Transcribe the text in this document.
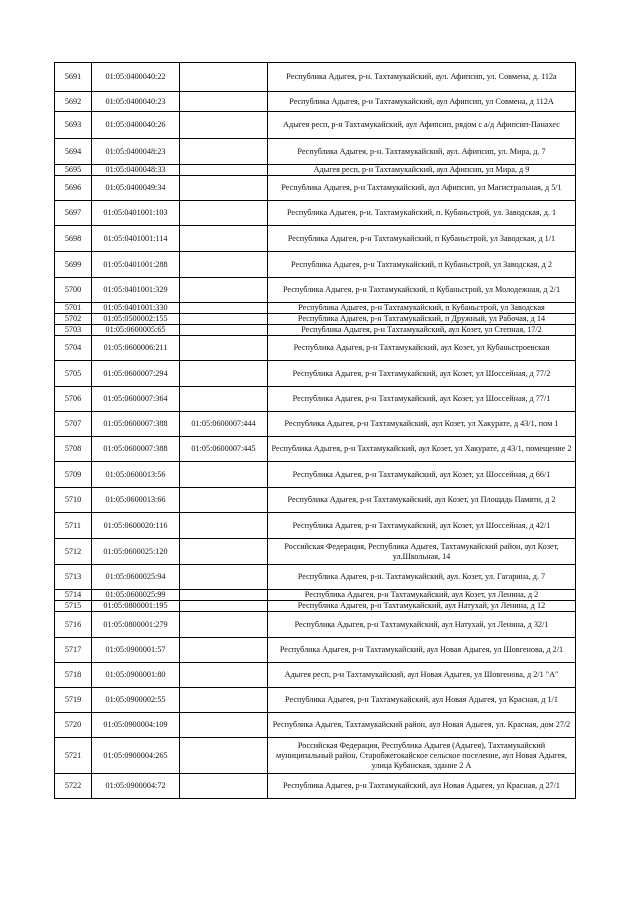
5691	01:05:0400040:22		Республика Адыгея, р-н. Тахтамукайский, аул. Афипсип, ул. Совмена, д. 112а
5692	01:05:0400040:23		Республика Адыгея, р-н Тахтамукайский, аул Афипсип, ул Совмена, д 112А
5693	01:05:0400040:26		Адыгея респ, р-н Тахтамукайский, аул Афипсип, рядом с а/д Афипсип-Панахес
5694	01:05:0400048:23		Республика Адыгея, р-н. Тахтамукайский, аул. Афипсип, ул. Мира, д. 7
5695	01:05:0400048:33		Адыгея респ, р-н Тахтамукайский, аул Афипсип, ул Мира, д 9
5696	01:05:0400049:34		Республика Адыгея, р-н Тахтамукайский, аул Афипсип, ул Магистральная, д 5/1
5697	01:05:0401001:103		Республика Адыгея, р-н. Тахтамукайский, п. Кубаньстрой, ул. Заводская, д. 1
5698	01:05:0401001:114		Республика Адыгея, р-н Тахтамукайский, п Кубаньстрой, ул Заводская, д 1/1
5699	01:05:0401001:288		Республика Адыгея, р-н Тахтамукайский, п Кубаньстрой, ул Заводская, д 2
5700	01:05:0401001:329		Республика Адыгея, р-н Тахтамукайский, п Кубаньстрой, ул Молодежная, д 2/1
5701	01:05:0401001:330		Республика Адыгея, р-н Тахтамукайский, п Кубаньстрой, ул Заводская
5702	01:05:0500002:155		Республика Адыгея, р-н Тахтамукайский, п Дружный, ул Рабочая, д 14
5703	01:05:0600005:65		Республика Адыгея, р-н Тахтамукайский, аул Козет, ул Степная, 17/2
5704	01:05:0600006:211		Республика Адыгея, р-н Тахтамукайский, аул Козет, ул Кубаньстроевская
5705	01:05:0600007:294		Республика Адыгея, р-н Тахтамукайский, аул Козет, ул Шоссейная, д 77/2
5706	01:05:0600007:364		Республика Адыгея, р-н Тахтамукайский, аул Козет, ул Шоссейная, д 77/1
5707	01:05:0600007:388	01:05:0600007:444	Республика Адыгея, р-н Тахтамукайский, аул Козет, ул Хакурате, д 43/1, пом 1
5708	01:05:0600007:388	01:05:0600007:445	Республика Адыгея, р-н Тахтамукайский, аул Козет, ул Хакурате, д 43/1, помещение 2
5709	01:05:0600013:56		Республика Адыгея, р-н Тахтамукайский, аул Козет, ул Шоссейная, д 66/1
5710	01:05:0600013:66		Республика Адыгея, р-н Тахтамукайский, аул Козет, ул Площадь Памяти, д 2
5711	01:05:0600020:116		Республика Адыгея, р-н Тахтамукайский, аул Козет, ул Шоссейная, д 42/1
5712	01:05:0600025:120		Российская Федерация, Республика Адыгея, Тахтамукайский район, аул Козет, ул.Школьная, 14
5713	01:05:0600025:94		Республика Адыгея, р-н. Тахтамукайский, аул. Козет, ул. Гагарина, д. 7
5714	01:05:0600025:99		Республика Адыгея, р-н Тахтамукайский, аул Козет, ул Ленина, д 2
5715	01:05:0800001:195		Республика Адыгея, р-н Тахтамукайский, аул Натухай, ул Ленина, д 12
5716	01:05:0800001:279		Республика Адыгея, р-н Тахтамукайский, аул Натухай, ул Ленина, д 32/1
5717	01:05:0900001:57		Республика Адыгея, р-н Тахтамукайский, аул Новая Адыгея, ул Шовгенова, д 2/1
5718	01:05:0900001:80		Адыгея респ, р-н Тахтамукайский, аул Новая Адыгея, ул Шовгенова, д 2/1 "А"
5719	01:05:0900002:55		Республика Адыгея, р-н Тахтамукайский, аул Новая Адыгея, ул Красная, д 1/1
5720	01:05:0900004:109		Республика Адыгея, Тахтамукайский район, аул Новая Адыгея, ул. Красная, дом 27/2
5721	01:05:0900004:265		Российская Федерация, Республика Адыгея (Адыгея), Тахтамукайский муниципальный район, Старобжегокайское сельское поселение, аул Новая Адыгея, улица Кубанская, здание 2 А
5722	01:05:0900004:72		Республика Адыгея, р-н Тахтамукайский, аул Новая Адыгея, ул Красная, д 27/1
